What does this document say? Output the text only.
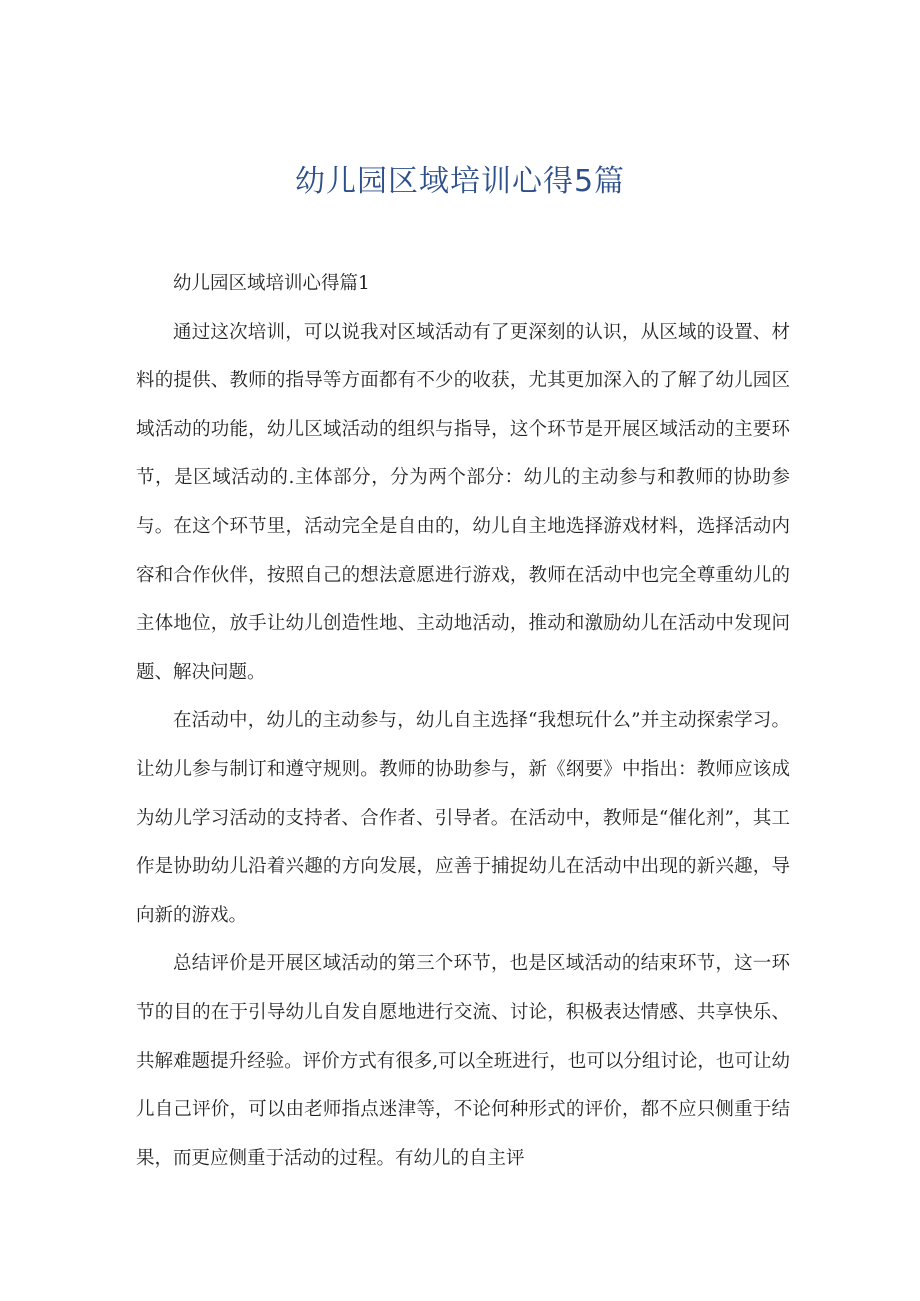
幼儿园区域培训心得5篇

幼儿园区域培训心得篇1

通过这次培训，可以说我对区域活动有了更深刻的认识，从区域的设置、材料的提供、教师的指导等方面都有不少的收获，尤其更加深入的了解了幼儿园区域活动的功能，幼儿区域活动的组织与指导，这个环节是开展区域活动的主要环节，是区域活动的.主体部分，分为两个部分：幼儿的主动参与和教师的协助参与。在这个环节里，活动完全是自由的，幼儿自主地选择游戏材料，选择活动内容和合作伙伴，按照自己的想法意愿进行游戏，教师在活动中也完全尊重幼儿的主体地位，放手让幼儿创造性地、主动地活动，推动和激励幼儿在活动中发现问题、解决问题。

在活动中，幼儿的主动参与，幼儿自主选择“我想玩什么”并主动探索学习。让幼儿参与制订和遵守规则。教师的协助参与，新《纲要》中指出：教师应该成为幼儿学习活动的支持者、合作者、引导者。在活动中，教师是“催化剂”，其工作是协助幼儿沿着兴趣的方向发展，应善于捕捉幼儿在活动中出现的新兴趣，导向新的游戏。

总结评价是开展区域活动的第三个环节，也是区域活动的结束环节，这一环节的目的在于引导幼儿自发自愿地进行交流、讨论，积极表达情感、共享快乐、共解难题提升经验。评价方式有很多,可以全班进行，也可以分组讨论，也可让幼儿自己评价，可以由老师指点迷津等，不论何种形式的评价，都不应只侧重于结果，而更应侧重于活动的过程。有幼儿的自主评
